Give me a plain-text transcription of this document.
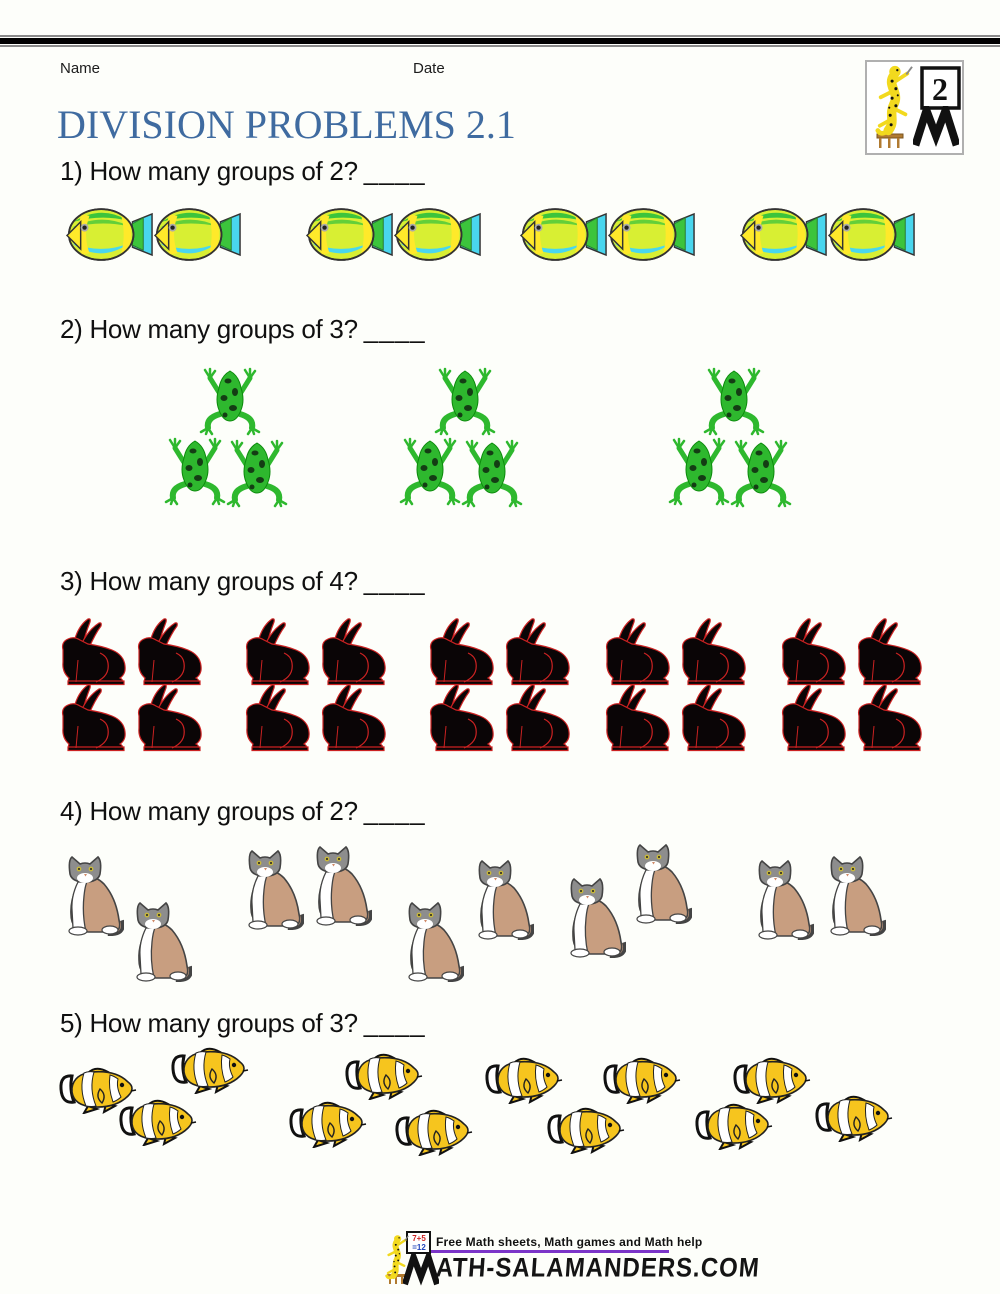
Name	Date
2
DIVISION PROBLEMS 2.1
1) How many groups of 2? ____
2) How many groups of 3? ____
3) How many groups of 4? ____
4) How many groups of 2? ____
5) How many groups of 3? ____
7+5
=12 Free Math sheets, Math games and Math help
ATH-SALAMANDERS.COM
